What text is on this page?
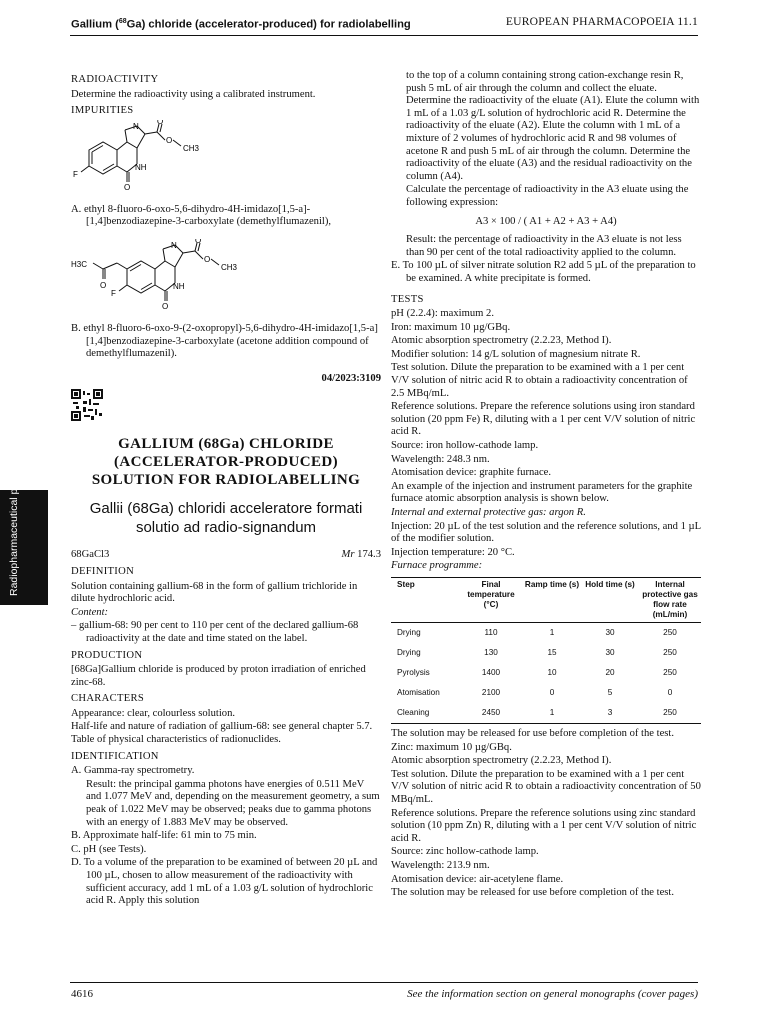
Gallium ($^{68}$Ga) chloride (accelerator-produced) for radiolabelling	EUROPEAN PHARMACOPOEIA 11.1
Radiopharmaceutical preparations
RADIOACTIVITY

Determine the radioactivity using a calibrated instrument.

IMPURITIES
N
O
O
CH3
F
NH
O

A. ethyl 8-fluoro-6-oxo-5,6-dihydro-4H-imidazo[1,5-a]-[1,4]benzodiazepine-3-carboxylate (demethylflumazenil),

H3C
O
N
O
O
CH3
F
NH
O

B. ethyl 8-fluoro-6-oxo-9-(2-oxopropyl)-5,6-dihydro-4H-imidazo[1,5-a][1,4]benzodiazepine-3-carboxylate (acetone addition compound of demethylflumazenil).

04/2023:3109
GALLIUM (68Ga) CHLORIDE
(ACCELERATOR-PRODUCED)
SOLUTION FOR RADIOLABELLING
Gallii (68Ga) chloridi acceleratore formati
solutio ad radio-signandum
68GaCl3	Mr 174.3
DEFINITION

Solution containing gallium-68 in the form of gallium trichloride in dilute hydrochloric acid.

Content:

– gallium-68: 90 per cent to 110 per cent of the declared gallium-68 radioactivity at the date and time stated on the label.

PRODUCTION

[68Ga]Gallium chloride is produced by proton irradiation of enriched zinc-68.

CHARACTERS

Appearance: clear, colourless solution.

Half-life and nature of radiation of gallium-68: see general chapter 5.7. Table of physical characteristics of radionuclides.

IDENTIFICATION

A. Gamma-ray spectrometry.

Result: the principal gamma photons have energies of 0.511 MeV and 1.077 MeV and, depending on the measurement geometry, a sum peak of 1.022 MeV may be observed; peaks due to gamma photons with an energy of 1.883 MeV may be observed.

B. Approximate half-life: 61 min to 75 min.

C. pH (see Tests).

D. To a volume of the preparation to be examined of between 20 µL and 100 µL, chosen to allow measurement of the radioactivity with sufficient accuracy, add 1 mL of a 1.03 g/L solution of hydrochloric acid R. Apply this solution

to the top of a column containing strong cation-exchange resin R, push 5 mL of air through the column and collect the eluate. Determine the radioactivity of the eluate (A1). Elute the column with 1 mL of a 1.03 g/L solution of hydrochloric acid R. Determine the radioactivity of the eluate (A2). Elute the column with 1 mL of a mixture of 2 volumes of hydrochloric acid R and 98 volumes of acetone R and push 5 mL of air through the column. Determine the radioactivity of the eluate (A3) and the residual radioactivity on the column (A4).

Calculate the percentage of radioactivity in the A3 eluate using the following expression:

A3 × 100 / ( A1 + A2 + A3 + A4)

Result: the percentage of radioactivity in the A3 eluate is not less than 90 per cent of the total radioactivity applied to the column.

E. To 100 µL of silver nitrate solution R2 add 5 µL of the preparation to be examined. A white precipitate is formed.

TESTS

pH (2.2.4): maximum 2.

Iron: maximum 10 µg/GBq.

Atomic absorption spectrometry (2.2.23, Method I).

Modifier solution: 14 g/L solution of magnesium nitrate R.

Test solution. Dilute the preparation to be examined with a 1 per cent V/V solution of nitric acid R to obtain a radioactivity concentration of 2.5 MBq/mL.

Reference solutions. Prepare the reference solutions using iron standard solution (20 ppm Fe) R, diluting with a 1 per cent V/V solution of nitric acid R.

Source: iron hollow-cathode lamp.

Wavelength: 248.3 nm.

Atomisation device: graphite furnace.

An example of the injection and instrument parameters for the graphite furnace atomic absorption analysis is shown below.

Internal and external protective gas: argon R.

Injection: 20 µL of the test solution and the reference solutions, and 1 µL of the modifier solution.

Injection temperature: 20 °C.

Furnace programme:

Step	Final temperature (°C)	Ramp time (s)	Hold time (s)	Internal protective gas flow rate (mL/min)
Drying	110	1	30	250
Drying	130	15	30	250
Pyrolysis	1400	10	20	250
Atomisation	2100	0	5	0
Cleaning	2450	1	3	250

The solution may be released for use before completion of the test.

Zinc: maximum 10 µg/GBq.

Atomic absorption spectrometry (2.2.23, Method I).

Test solution. Dilute the preparation to be examined with a 1 per cent V/V solution of nitric acid R to obtain a radioactivity concentration of 50 MBq/mL.

Reference solutions. Prepare the reference solutions using zinc standard solution (10 ppm Zn) R, diluting with a 1 per cent V/V solution of nitric acid R.

Source: zinc hollow-cathode lamp.

Wavelength: 213.9 nm.

Atomisation device: air-acetylene flame.

The solution may be released for use before completion of the test.

4616	See the information section on general monographs (cover pages)
